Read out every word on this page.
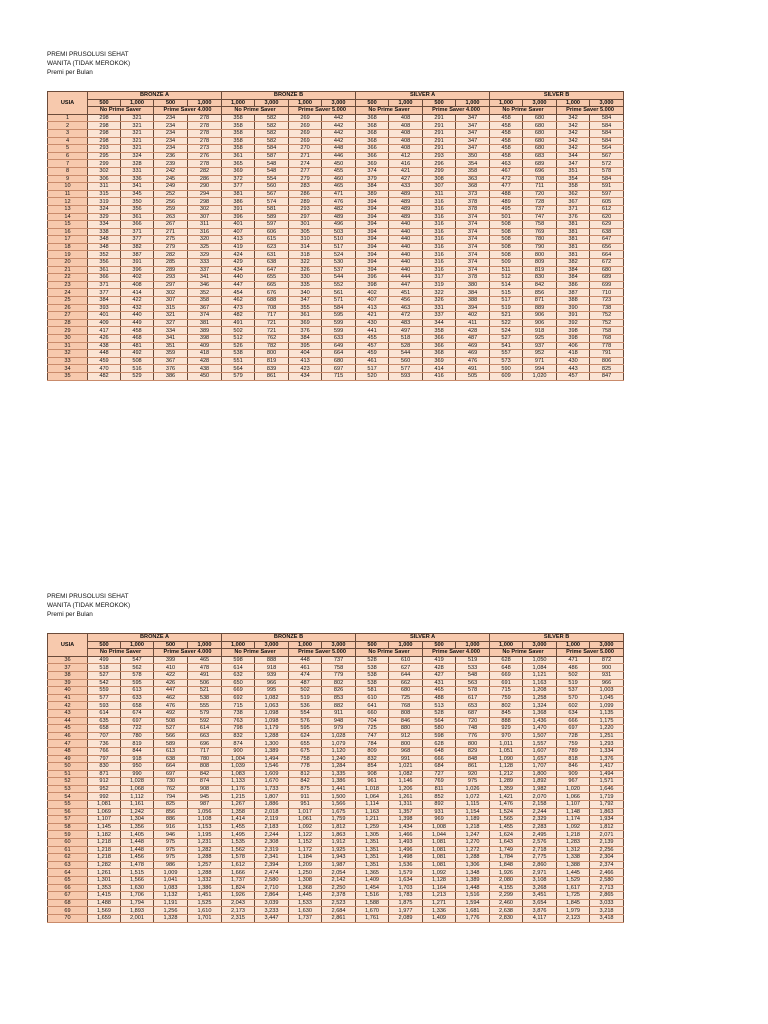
PREMI PRUSOLUSI SEHAT
WANITA (TIDAK MEROKOK)
Premi per Bulan
USIA	BRONZE A				BRONZE B				SILVER A				SILVER B			
	500	1,000	500	1,000	1,000	3,000	1,000	3,000	500	1,000	500	1,000	1,000	3,000	1,000	3,000
	No Prime Saver		Prime Saver 4.000		No Prime Saver		Prime Saver 5.000		No Prime Saver		Prime Saver 4.000		No Prime Saver		Prime Saver 5.000	
1	298	321	234	278	358	582	269	442	368	408	291	347	458	680	342	584
2	298	321	234	278	358	582	269	442	368	408	291	347	458	680	342	584
3	298	321	234	278	358	582	269	442	368	408	291	347	458	680	342	584
4	298	321	234	278	358	582	269	442	368	408	291	347	458	680	342	584
5	293	321	234	273	358	584	270	448	366	408	291	347	458	680	342	564
6	295	324	236	276	361	587	271	446	366	412	293	350	458	683	344	567
7	299	328	239	278	365	548	274	450	369	416	296	354	463	689	347	572
8	302	331	242	282	369	548	277	455	374	421	299	358	467	696	351	578
9	306	336	245	286	372	554	279	460	379	427	308	363	472	708	354	584
10	311	341	249	290	377	560	283	465	384	433	307	368	477	711	358	591
11	315	345	252	294	381	567	286	471	389	489	311	373	488	720	362	597
12	319	350	256	298	386	574	289	476	394	489	316	378	489	728	367	605
13	324	356	259	302	391	581	293	482	394	489	316	378	495	737	371	612
14	329	361	263	307	396	589	297	489	394	489	316	374	501	747	376	620
15	334	366	267	311	401	597	301	496	394	440	316	374	508	758	381	629
16	338	371	271	316	407	606	305	503	394	440	316	374	508	769	381	638
17	348	377	275	320	413	615	310	510	394	440	316	374	508	780	381	647
18	348	382	279	325	419	623	314	517	394	440	316	374	508	790	381	656
19	352	387	282	329	424	631	318	524	394	440	316	374	508	800	381	664
20	356	391	285	333	429	638	322	530	394	440	316	374	509	809	382	672
21	361	396	289	337	434	647	326	537	394	440	316	374	511	819	384	680
22	366	402	293	341	440	655	330	544	396	444	317	378	512	830	384	689
23	371	408	297	346	447	665	335	552	398	447	319	380	514	842	386	699
24	377	414	302	352	454	676	340	561	402	451	322	384	515	856	387	710
25	384	422	307	358	462	688	347	571	407	456	326	388	517	871	388	723
26	393	432	315	367	473	708	355	584	413	463	331	394	519	889	390	738
27	401	440	321	374	482	717	361	595	421	472	337	402	521	906	391	752
28	409	449	327	381	491	721	369	599	430	483	344	411	522	906	392	752
29	417	458	334	389	502	721	376	599	441	497	358	428	524	918	398	758
30	426	468	341	398	512	762	384	633	455	518	366	487	527	925	398	768
31	438	481	351	409	526	782	395	649	457	528	366	469	541	937	406	778
32	448	492	359	418	538	800	404	664	459	544	368	469	557	952	418	791
33	459	508	367	428	551	819	413	680	461	560	369	476	573	971	430	806
34	470	516	376	438	564	839	423	697	517	577	414	491	590	994	443	825
35	482	529	386	450	579	861	434	715	520	593	416	505	609	1,020	457	847
PREMI PRUSOLUSI SEHAT
WANITA (TIDAK MEROKOK)
Premi per Bulan
USIA	BRONZE A				BRONZE B				SILVER A				SILVER B			
	500	1,000	500	1,000	1,000	3,000	1,000	3,000	500	1,000	500	1,000	1,000	3,000	1,000	3,000
	No Prime Saver		Prime Saver 4.000		No Prime Saver		Prime Saver 5.000		No Prime Saver		Prime Saver 4.000		No Prime Saver		Prime Saver 5.000	
36	499	547	399	465	598	888	448	737	528	610	419	519	628	1,050	471	872
37	518	562	410	478	614	918	461	758	538	627	428	533	648	1,084	486	900
38	527	578	422	491	632	939	474	779	538	644	427	548	669	1,121	502	931
39	542	595	426	506	650	966	487	802	538	662	431	563	691	1,163	519	966
40	559	613	447	521	669	995	502	826	581	680	465	578	715	1,208	537	1,003
41	577	633	462	538	692	1,082	519	853	610	725	488	617	759	1,258	570	1,045
42	593	658	476	555	715	1,063	536	882	641	768	513	653	802	1,324	602	1,099
43	614	674	492	579	738	1,098	554	911	660	808	528	687	845	1,368	634	1,135
44	635	697	508	592	763	1,098	576	948	704	846	564	720	888	1,436	666	1,175
45	658	722	527	614	798	1,179	595	979	725	880	580	748	929	1,470	697	1,220
46	707	780	566	663	832	1,288	624	1,028	747	912	598	776	970	1,507	728	1,251
47	736	819	589	696	874	1,300	655	1,079	784	800	628	800	1,011	1,557	759	1,293
48	766	844	613	717	900	1,389	675	1,120	809	968	648	829	1,051	1,607	789	1,334
49	797	918	638	780	1,004	1,494	758	1,240	832	991	666	848	1,090	1,657	818	1,376
50	830	950	664	808	1,039	1,546	778	1,284	854	1,021	684	861	1,128	1,707	846	1,417
51	871	990	697	842	1,083	1,609	812	1,335	908	1,082	727	920	1,212	1,800	909	1,494
52	912	1,028	730	874	1,133	1,670	842	1,386	961	1,146	769	975	1,289	1,892	967	1,571
53	952	1,068	762	908	1,176	1,733	875	1,441	1,018	1,206	811	1,026	1,359	1,982	1,020	1,646
54	992	1,112	794	945	1,215	1,807	911	1,500	1,064	1,261	852	1,072	1,421	2,070	1,066	1,719
55	1,081	1,161	825	987	1,267	1,886	951	1,566	1,114	1,311	892	1,115	1,476	2,158	1,107	1,792
56	1,069	1,242	856	1,056	1,358	2,018	1,017	1,675	1,163	1,357	931	1,154	1,524	2,244	1,148	1,863
57	1,107	1,304	886	1,108	1,414	2,119	1,061	1,759	1,211	1,398	969	1,189	1,565	2,329	1,174	1,934
58	1,145	1,356	916	1,153	1,455	2,183	1,092	1,812	1,259	1,434	1,008	1,218	1,455	2,283	1,092	1,812
59	1,182	1,405	946	1,195	1,495	2,244	1,122	1,863	1,305	1,466	1,044	1,247	1,624	2,495	1,218	2,071
60	1,218	1,448	975	1,231	1,535	2,308	1,152	1,912	1,351	1,493	1,081	1,270	1,643	2,576	1,283	2,139
61	1,218	1,448	975	1,282	1,562	2,319	1,172	1,925	1,351	1,496	1,081	1,272	1,749	2,718	1,312	2,256
62	1,218	1,456	975	1,288	1,578	2,341	1,184	1,943	1,351	1,498	1,081	1,288	1,784	2,775	1,338	2,304
63	1,282	1,478	986	1,257	1,612	2,394	1,209	1,987	1,351	1,536	1,081	1,306	1,848	2,860	1,388	2,374
64	1,261	1,515	1,009	1,288	1,666	2,474	1,250	2,054	1,365	1,579	1,092	1,348	1,926	2,971	1,445	2,466
65	1,301	1,566	1,041	1,332	1,737	2,580	1,308	2,142	1,409	1,634	1,128	1,389	2,080	3,108	1,529	2,580
66	1,353	1,630	1,083	1,386	1,824	2,710	1,368	2,250	1,454	1,703	1,164	1,448	4,155	3,268	1,617	2,713
67	1,415	1,706	1,132	1,451	1,926	2,864	1,445	2,378	1,516	1,783	1,213	1,516	2,299	3,451	1,725	2,865
68	1,488	1,794	1,191	1,525	2,043	3,039	1,533	2,523	1,588	1,875	1,271	1,594	2,460	3,654	1,845	3,033
69	1,569	1,893	1,256	1,610	2,173	3,233	1,630	2,684	1,670	1,977	1,336	1,681	2,638	3,876	1,979	3,218
70	1,659	2,001	1,328	1,701	2,315	3,447	1,737	2,861	1,761	2,089	1,409	1,776	2,830	4,117	2,123	3,418
